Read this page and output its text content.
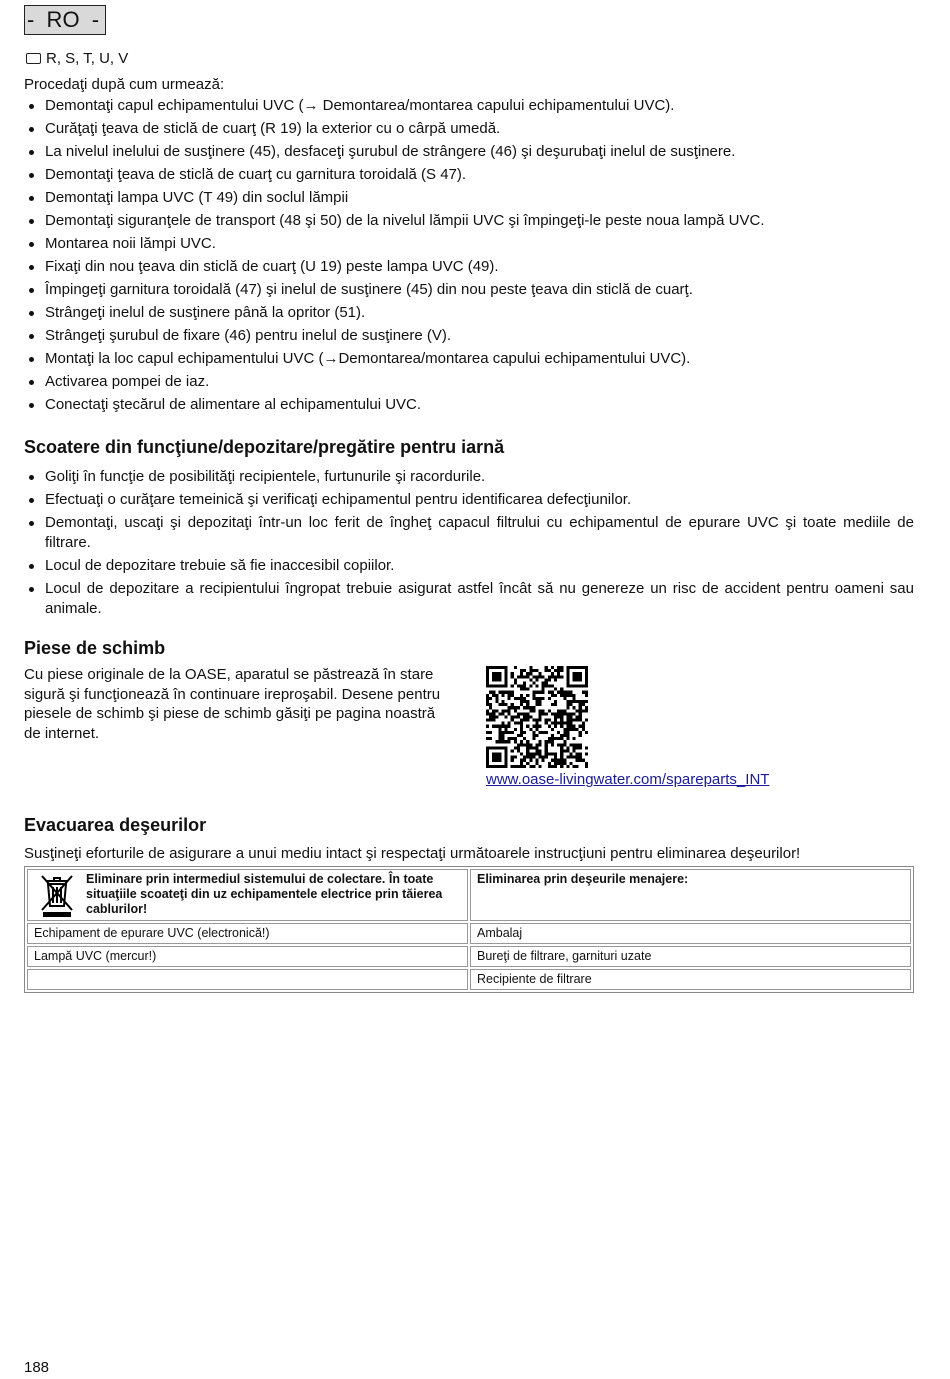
-  RO  -
R, S, T, U, V
Procedaţi după cum urmează:
Demontaţi capul echipamentului UVC (→ Demontarea/montarea capului echipamentului UVC).
Curăţaţi ţeava de sticlă de cuarţ (R 19) la exterior cu o cârpă umedă.
La nivelul inelului de susţinere (45), desfaceţi şurubul de strângere (46) şi deşurubaţi inelul de susţinere.
Demontaţi ţeava de sticlă de cuarţ cu garnitura toroidală (S 47).
Demontaţi lampa UVC (T 49) din soclul lămpii
Demontaţi siguranţele de transport (48 şi 50) de la nivelul lămpii UVC şi împingeţi-le peste noua lampă UVC.
Montarea noii lămpi UVC.
Fixaţi din nou ţeava din sticlă de cuarţ (U 19) peste lampa UVC (49).
Împingeţi garnitura toroidală (47) şi inelul de susţinere (45) din nou peste ţeava din sticlă de cuarţ.
Strângeţi inelul de susţinere până la opritor (51).
Strângeţi şurubul de fixare (46) pentru inelul de susţinere (V).
Montaţi la loc capul echipamentului UVC (→Demontarea/montarea capului echipamentului UVC).
Activarea pompei de iaz.
Conectaţi ştecărul de alimentare al echipamentului UVC.
Scoatere din funcţiune/depozitare/pregătire pentru iarnă
Goliţi în funcţie de posibilităţi recipientele, furtunurile şi racordurile.
Efectuaţi o curăţare temeinică şi verificaţi echipamentul pentru identificarea defecţiunilor.
Demontaţi, uscaţi şi depozitaţi într-un loc ferit de îngheţ capacul filtrului cu echipamentul de epurare UVC şi toate mediile de filtrare.
Locul de depozitare trebuie să fie inaccesibil copiilor.
Locul de depozitare a recipientului îngropat trebuie asigurat astfel încât să nu genereze un risc de accident pentru oameni sau animale.
Piese de schimb
Cu piese originale de la OASE, aparatul se păstrează în stare sigură şi funcţionează în continuare ireproşabil. Desene pentru piesele de schimb şi piese de schimb găsiţi pe pagina noastră de internet.
www.oase-livingwater.com/spareparts_INT
Evacuarea deşeurilor
Susţineţi eforturile de asigurare a unui mediu intact şi respectaţi următoarele instrucţiuni pentru eliminarea deşeurilor!
Eliminare prin intermediul sistemului de colectare. În toate situaţiile scoateţi din uz echipamentele electrice prin tăierea cablurilor!	Eliminarea prin deşeurile menajere:
Echipament de epurare UVC (electronică!)	Ambalaj
Lampă UVC (mercur!)	Bureţi de filtrare, garnituri uzate
	Recipiente de filtrare
188
